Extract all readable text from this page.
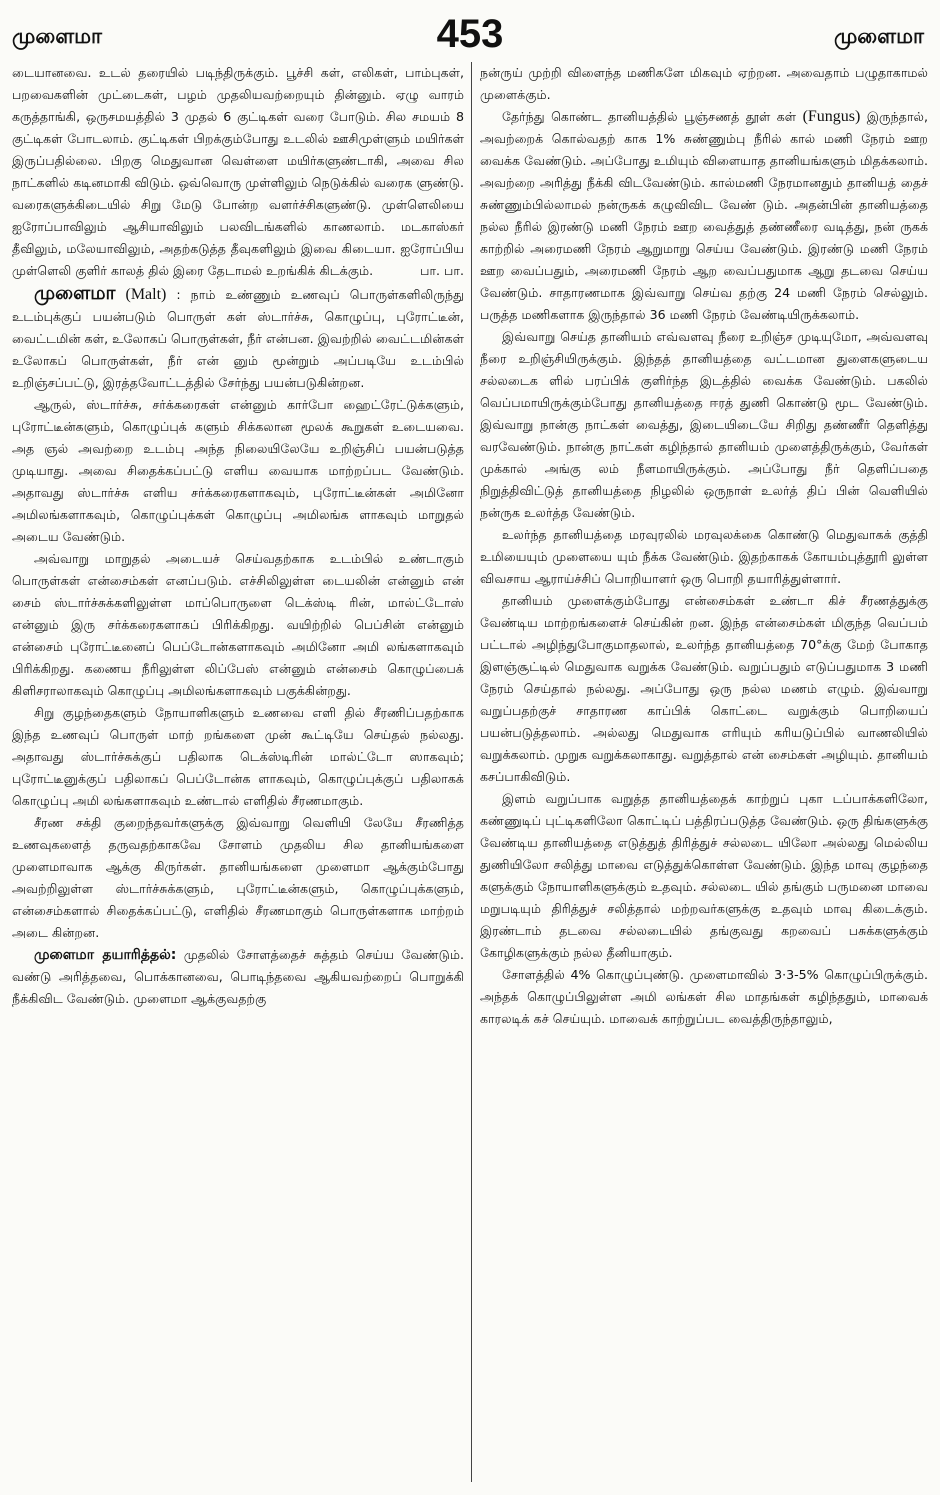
முளைமா	453	முளைமா

டையானவை. உடல் தரையில் படிந்திருக்கும். பூச்சி கள், எலிகள், பாம்புகள், பறவைகளின் முட்டைகள், பழம் முதலியவற்றையும் தின்னும். ஏழு வாரம் கருத்தாங்கி, ஒருசமயத்தில் 3 முதல் 6 குட்டிகள் வரை போடும். சில சமயம் 8 குட்டிகள் போடலாம். குட்டிகள் பிறக்கும்போது உடலில் ஊசிமுள்ளும் மயிர்கள் இருப்பதில்லை. பிறகு மெதுவான வெள்ளை மயிர்களுண்டாகி, அவை சில நாட்களில் கடினமாகி விடும். ஒவ்வொரு முள்ளிலும் நெடுக்கில் வரைக ளுண்டு. வரைகளுக்கிடையில் சிறு மேடு போன்ற வளர்ச்சிகளுண்டு. முள்ளெலியை ஐரோப்பாவிலும் ஆசியாவிலும் பலவிடங்களில் காணலாம். மடகாஸ்கர் தீவிலும், மலேயாவிலும், அதற்கடுத்த தீவுகளிலும் இவை கிடையா. ஐரோப்பிய முள்ளெலி குளிர் காலத் தில் இரை தேடாமல் உறங்கிக் கிடக்கும்.	பா. பா.

முளைமா (Malt) : நாம் உண்ணும் உணவுப் பொருள்களிலிருந்து உடம்புக்குப் பயன்படும் பொருள் கள் ஸ்டார்ச்சு, கொழுப்பு, புரோட்டீன், வைட்டமின் கள், உலோகப் பொருள்கள், நீர் என்பன. இவற்றில் வைட்டமின்கள் உலோகப் பொருள்கள், நீர் என் னும் மூன்றும் அப்படியே உடம்பில் உறிஞ்சப்பட்டு, இரத்தவோட்டத்தில் சேர்ந்து பயன்படுகின்றன.

ஆருல், ஸ்டார்ச்சு, சர்க்கரைகள் என்னும் கார்போ ஹைட்ரேட்டுக்களும், புரோட்டீன்களும், கொழுப்புக் களும் சிக்கலான மூலக் கூறுகள் உடையவை. அத ஞல் அவற்றை உடம்பு அந்த நிலையிலேயே உறிஞ்சிப் பயன்படுத்த முடியாது. அவை சிதைக்கப்பட்டு எளிய வையாக மாற்றப்பட வேண்டும். அதாவது ஸ்டார்ச்சு எளிய சர்க்கரைகளாகவும், புரோட்டீன்கள் அமினோ அமிலங்களாகவும், கொழுப்புக்கள் கொழுப்பு அமிலங்க ளாகவும் மாறுதல் அடைய வேண்டும்.

அவ்வாறு மாறுதல் அடையச் செய்வதற்காக உடம்பில் உண்டாகும் பொருள்கள் என்சைம்கள் எனப்படும். எச்சிலிலுள்ள டையலின் என்னும் என் சைம் ஸ்டார்ச்சுக்களிலுள்ள மாப்பொருளை டெக்ஸ்டி ரின், மால்ட்டோஸ் என்னும் இரு சர்க்கரைகளாகப் பிரிக்கிறது. வயிற்றில் பெப்சின் என்னும் என்சைம் புரோட்டீனைப் பெப்டோன்களாகவும் அமினோ அமி லங்களாகவும் பிரிக்கிறது. கணைய நீரிலுள்ள லிப்பேஸ் என்னும் என்சைம் கொழுப்பைக் கிளிசராலாகவும் கொழுப்பு அமிலங்களாகவும் பகுக்கின்றது.

சிறு குழந்தைகளும் நோயாளிகளும் உணவை எளி தில் சீரணிப்பதற்காக இந்த உணவுப் பொருள் மாற் றங்களை முன் கூட்டியே செய்தல் நல்லது. அதாவது ஸ்டார்ச்சுக்குப் பதிலாக டெக்ஸ்டிரின் மால்ட்டோ ஸாகவும்; புரோட்டீனுக்குப் பதிலாகப் பெப்டோன்க ளாகவும், கொழுப்புக்குப் பதிலாகக் கொழுப்பு அமி லங்களாகவும் உண்டால் எளிதில் சீரணமாகும்.

சீரண சக்தி குறைந்தவர்களுக்கு இவ்வாறு வெளியி லேயே சீரணித்த உணவுகளைத் தருவதற்காகவே சோளம் முதலிய சில தானியங்களை முளைமாவாக ஆக்கு கிருர்கள். தானியங்களை முளைமா ஆக்கும்போது அவற்றிலுள்ள ஸ்டார்ச்சுக்களும், புரோட்டீன்களும், கொழுப்புக்களும், என்சைம்களால் சிதைக்கப்பட்டு, எளிதில் சீரணமாகும் பொருள்களாக மாற்றம் அடை கின்றன.

முளைமா தயாரித்தல்: முதலில் சோளத்தைச் சுத்தம் செய்ய வேண்டும். வண்டு அரித்தவை, பொக்கானவை, பொடிந்தவை ஆகியவற்றைப் பொறுக்கி நீக்கிவிட வேண்டும். முளைமா ஆக்குவதற்கு

நன்ருய் முற்றி விளைந்த மணிகளே மிகவும் ஏற்றன. அவைதாம் பழுதாகாமல் முளைக்கும்.

தேர்ந்து கொண்ட தானியத்தில் பூஞ்சணத் தூள் கள் (Fungus) இருந்தால், அவற்றைக் கொல்வதற் காக 1% சுண்ணும்பு நீரில் கால் மணி நேரம் ஊற வைக்க வேண்டும். அப்போது உமியும் விளையாத தானியங்களும் மிதக்கலாம். அவற்றை அரித்து நீக்கி விடவேண்டும். கால்மணி நேரமானதும் தானியத் தைச் சுண்ணும்பில்லாமல் நன்ருகக் கழுவிவிட வேண் டும். அதன்பின் தானியத்தை நல்ல நீரில் இரண்டு மணி நேரம் ஊற வைத்துத் தண்ணீரை வடித்து, நன் ருகக் காற்றில் அரைமணி நேரம் ஆறுமாறு செய்ய வேண்டும். இரண்டு மணி நேரம் ஊற வைப்பதும், அரைமணி நேரம் ஆற வைப்பதுமாக ஆறு தடவை செய்ய வேண்டும். சாதாரணமாக இவ்வாறு செய்வ தற்கு 24 மணி நேரம் செல்லும். பருத்த மணிகளாக இருந்தால் 36 மணி நேரம் வேண்டியிருக்கலாம்.

இவ்வாறு செய்த தானியம் எவ்வளவு நீரை உறிஞ்ச முடியுமோ, அவ்வளவு நீரை உறிஞ்சியிருக்கும். இந்தத் தானியத்தை வட்டமான துளைகளுடைய சல்லடைக ளில் பரப்பிக் குளிர்ந்த இடத்தில் வைக்க வேண்டும். பகலில் வெப்பமாயிருக்கும்போது தானியத்தை ஈரத் துணி கொண்டு மூட வேண்டும். இவ்வாறு நான்கு நாட்கள் வைத்து, இடையிடையே சிறிது தண்ணீர் தெளித்து வரவேண்டும். நான்கு நாட்கள் கழிந்தால் தானியம் முளைத்திருக்கும், வேர்கள் முக்கால் அங்கு லம் நீளமாயிருக்கும். அப்போது நீர் தெளிப்பதை நிறுத்திவிட்டுத் தானியத்தை நிழலில் ஒருநாள் உலர்த் திப் பின் வெளியில் நன்ருக உலர்த்த வேண்டும்.

உலர்ந்த தானியத்தை மரவுரலில் மரவுலக்கை கொண்டு மெதுவாகக் குத்தி உமியையும் முளையை யும் நீக்க வேண்டும். இதற்காகக் கோயம்புத்தூரி லுள்ள விவசாய ஆராய்ச்சிப் பொறியாளர் ஒரு பொறி தயாரித்துள்ளார்.

தானியம் முளைக்கும்போது என்சைம்கள் உண்டா கிச் சீரணத்துக்கு வேண்டிய மாற்றங்களைச் செய்கின் றன. இந்த என்சைம்கள் மிகுந்த வெப்பம் பட்டால் அழிந்துபோகுமாதலால், உலர்ந்த தானியத்தை 70°க்கு மேற் போகாத இளஞ்சூட்டில் மெதுவாக வறுக்க வேண்டும். வறுப்பதும் எடுப்பதுமாக 3 மணி நேரம் செய்தால் நல்லது. அப்போது ஒரு நல்ல மணம் எழும். இவ்வாறு வறுப்பதற்குச் சாதாரண காப்பிக் கொட்டை வறுக்கும் பொறியைப் பயன்படுத்தலாம். அல்லது மெதுவாக எரியும் கரியடுப்பில் வாணலியில் வறுக்கலாம். முறுக வறுக்கலாகாது. வறுத்தால் என் சைம்கள் அழியும். தானியம் கசப்பாகிவிடும்.

இளம் வறுப்பாக வறுத்த தானியத்தைக் காற்றுப் புகா டப்பாக்களிலோ, கண்ணுடிப் புட்டிகளிலோ கொட்டிப் பத்திரப்படுத்த வேண்டும். ஒரு திங்களுக்கு வேண்டிய தானியத்தை எடுத்துத் திரித்துச் சல்லடை யிலோ அல்லது மெல்லிய துணியிலோ சலித்து மாவை எடுத்துக்கொள்ள வேண்டும். இந்த மாவு குழந்தை களுக்கும் நோயாளிகளுக்கும் உதவும். சல்லடை யில் தங்கும் பருமனை மாவை மறுபடியும் திரித்துச் சலித்தால் மற்றவர்களுக்கு உதவும் மாவு கிடைக்கும். இரண்டாம் தடவை சல்லடையில் தங்குவது கறவைப் பசுக்களுக்கும் கோழிகளுக்கும் நல்ல தீனியாகும்.

சோளத்தில் 4% கொழுப்புண்டு. முளைமாவில் 3·3-5% கொழுப்பிருக்கும். அந்தக் கொழுப்பிலுள்ள அமி லங்கள் சில மாதங்கள் கழிந்ததும், மாவைக் காரலடிக் கச் செய்யும். மாவைக் காற்றுப்பட வைத்திருந்தாலும்,
